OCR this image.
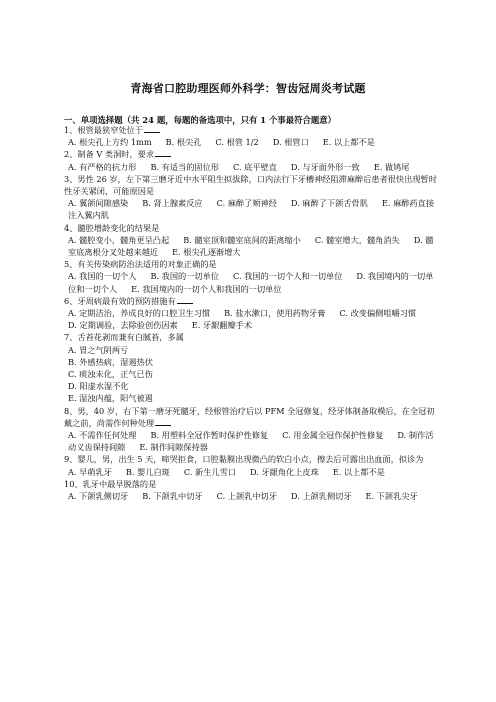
青海省口腔助理医师外科学：智齿冠周炎考试题
一、单项选择题（共 24 题，每题的备选项中，只有 1 个事最符合题意）
1、根管最狭窄处位于
A. 根尖孔上方约 1mm B. 根尖孔 C. 根管 1/2 D. 根管口 E. 以上都不是
2、制备 V 类洞时，要求
A. 有严格的抗力形 B. 有适当的固位形 C. 底平壁直 D. 与牙面外形一致 E. 做鸠尾
3、男性 26 岁，左下第三磨牙近中水平阻生拟拔除，口内法行下牙槽神经阻滞麻醉后患者很快出现暂时性牙关紧闭，可能原因是
A. 翼颌间隙感染 B. 肾上腺素反应 C. 麻醉了颊神经 D. 麻醉了下颌舌骨肌 E. 麻醉药直接注入翼内肌
4、髓腔增龄变化的结果是
A. 髓腔变小，髓角更呈凸起 B. 髓室顶和髓室底间的距离缩小 C. 髓室增大，髓角消失 D. 髓室底离根分叉处越来越近 E. 根尖孔逐渐增大
5、有关传染病防治法适用的对象正确的是
A. 我国的一切个人 B. 我国的一切单位 C. 我国的一切个人和一切单位 D. 我国境内的一切单位和一切个人 E. 我国境内的一切个人和我国的一切单位
6、牙周病最有效的预防措施有
A. 定期洁治，养成良好的口腔卫生习惯 B. 盐水漱口，使用药物牙膏 C. 改变偏侧咀嚼习惯D. 定期调验，去除验创伤因素 E. 牙龈翻瓣手术
7、舌苔花剥而兼有白腻苔，多属
A. 胃之气阴两亏
B. 外感热病，湿遏热伏
C. 痰浊未化，正气已伤
D. 阳虚水湿不化
E. 湿浊内蕴，阳气被遏
8、男，40 岁，右下第一磨牙死髓牙，经根管治疗后以 PFM 全冠修复，经牙体制备取模后，在全冠初戴之前，尚需作何种处理
A. 不需作任何处理 B. 用塑料全冠作暂时保护性修复 C. 用金属全冠作保护性修复 D. 制作活动义齿保持间隙 E. 制作间隙保持器
9、婴儿，男，出生 5 天，啼哭拒食，口腔黏膜出现微凸的软白小点，擦去后可露出出血面，拟诊为
A. 早萌乳牙 B. 婴儿白斑 C. 新生儿雪口 D. 牙龈角化上皮珠 E. 以上都不是
10、乳牙中最早脱落的是
A. 下颌乳侧切牙 B. 下颌乳中切牙 C. 上颌乳中切牙 D. 上颌乳侧切牙 E. 下颌乳尖牙
